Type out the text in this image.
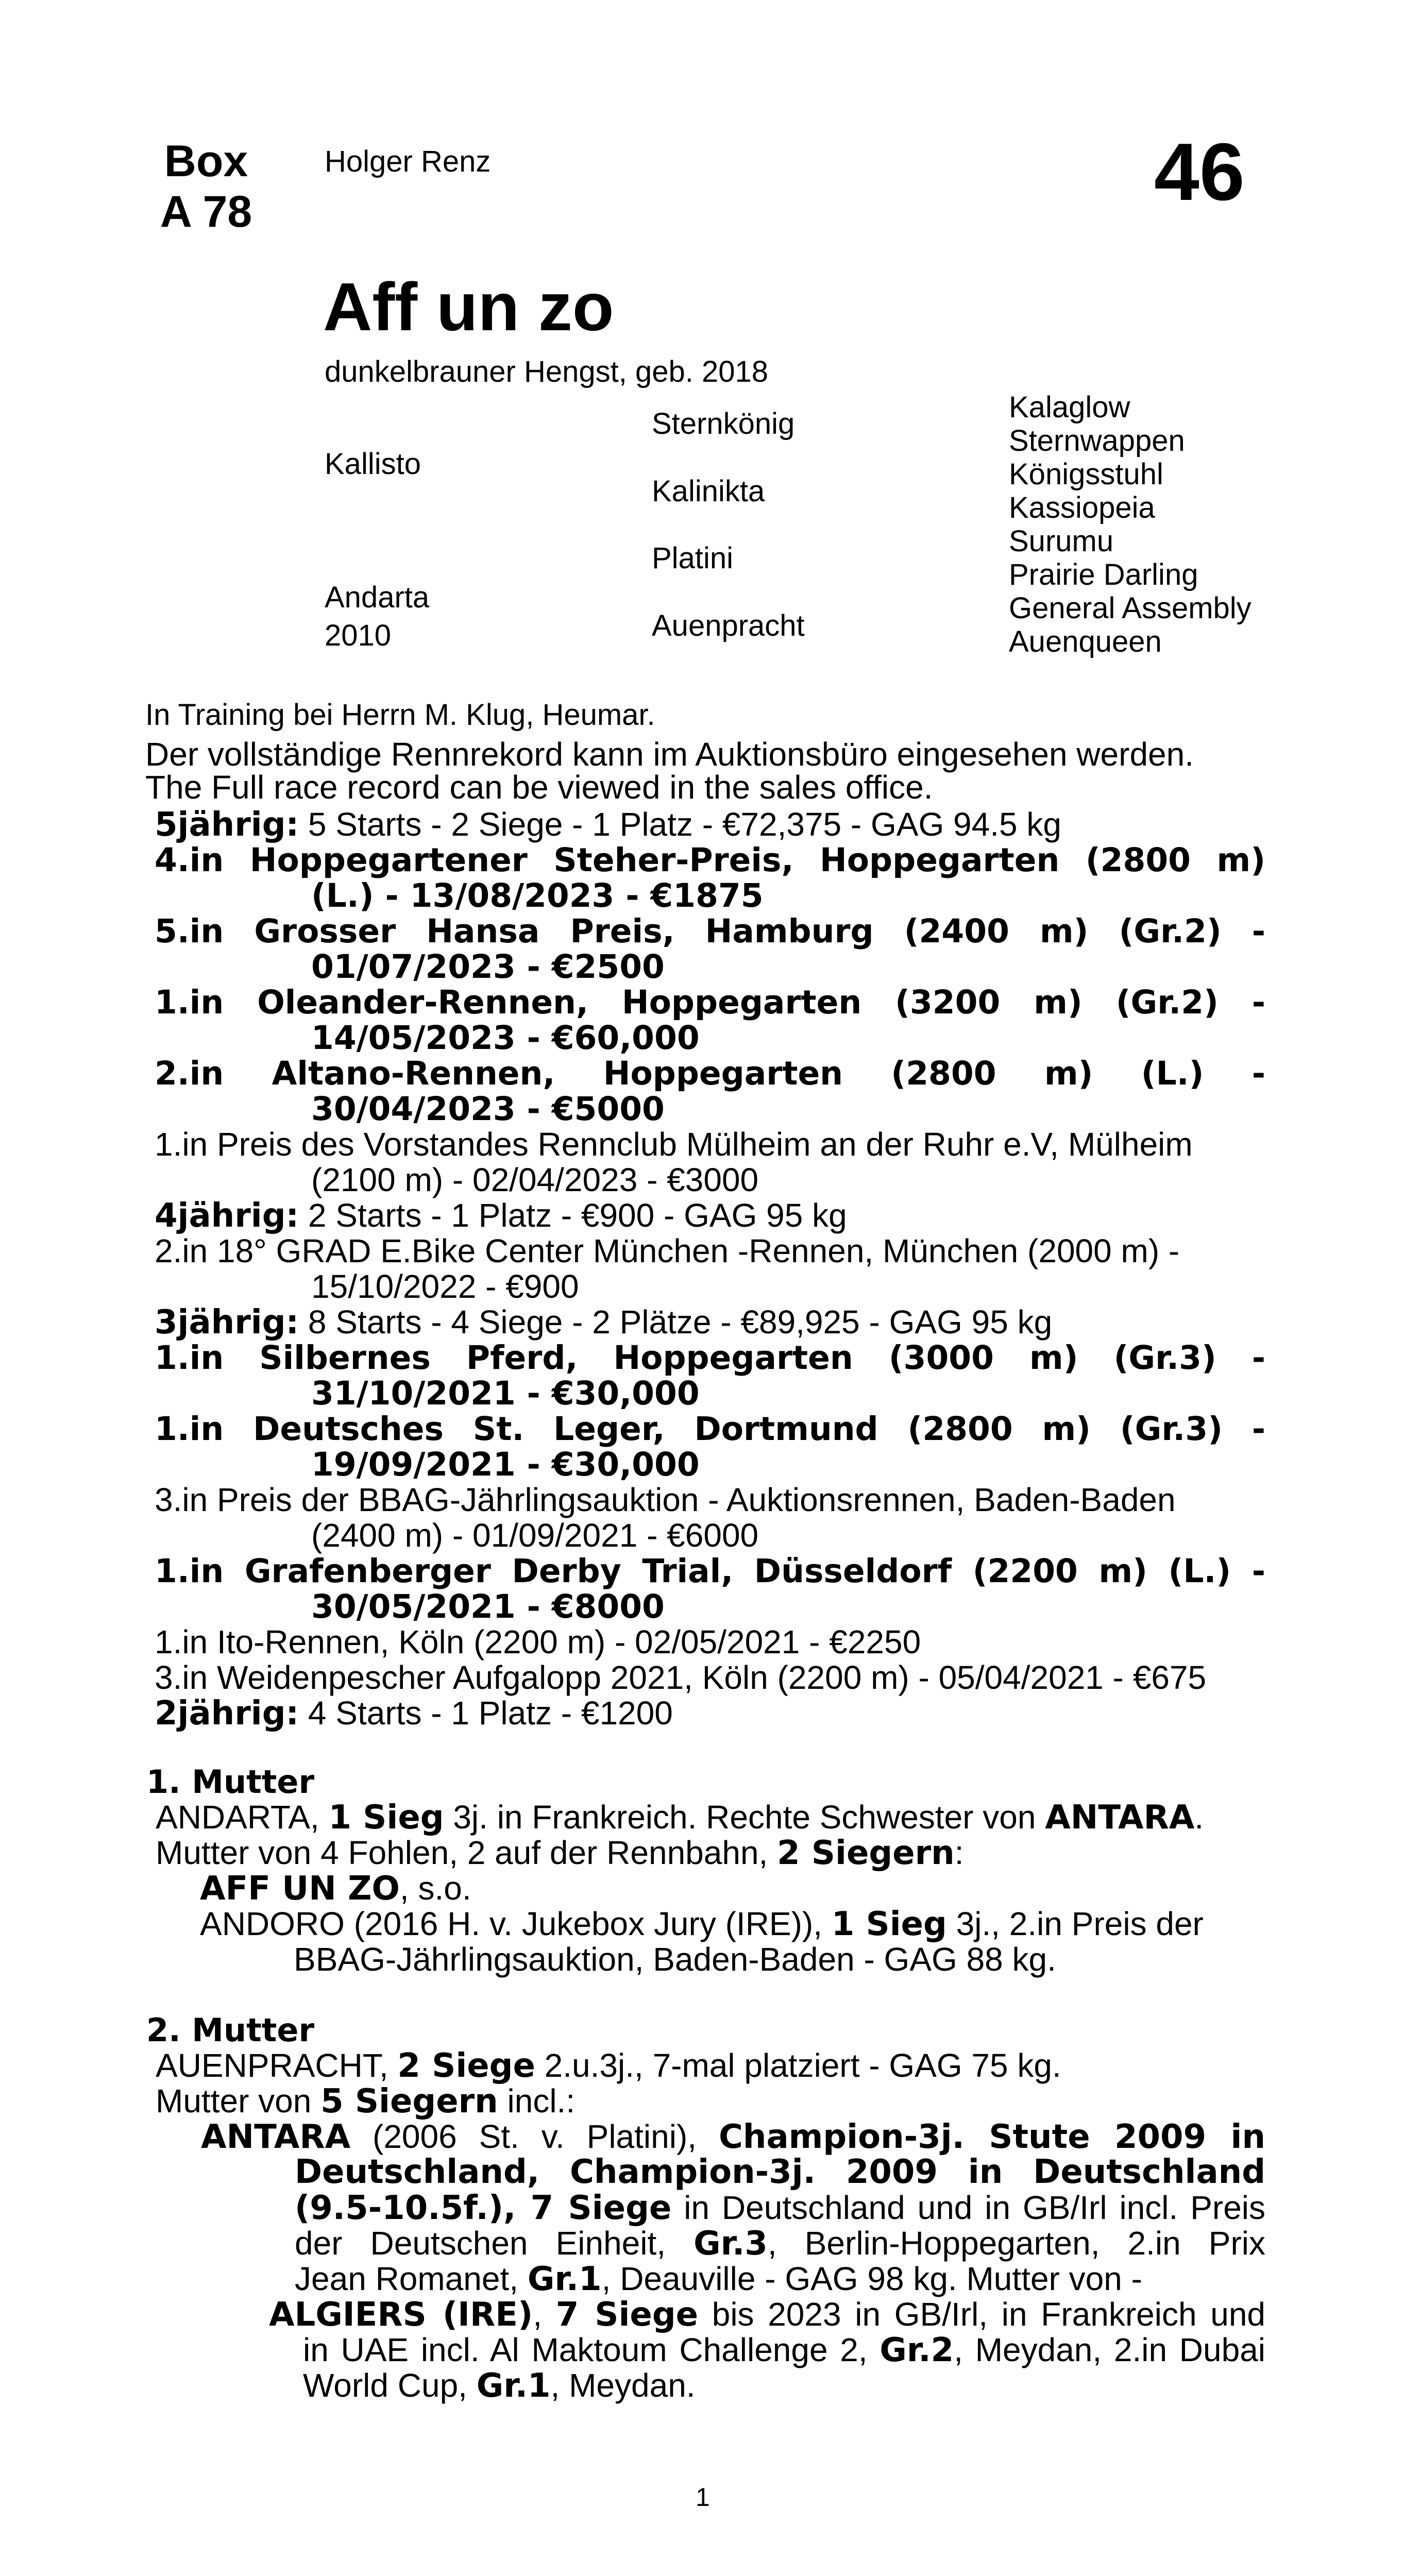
Box
A 78
Holger Renz	46
Aff un zo
dunkelbrauner Hengst, geb. 2018
Kallisto
Andarta
2010
Sternkönig
Kalinikta
Platini
Auenpracht
Kalaglow
Sternwappen
Königsstuhl
Kassiopeia
Surumu
Prairie Darling
General Assembly
Auenqueen
In Training bei Herrn M. Klug, Heumar.
Der vollständige Rennrekord kann im Auktionsbüro eingesehen werden.
The Full race record can be viewed in the sales office.
5jährig: 5 Starts - 2 Siege - 1 Platz - €72,375 - GAG 94.5 kg
4.in Hoppegartener Steher-Preis, Hoppegarten (2800 m)
(L.) - 13/08/2023 - €1875
5.in Grosser Hansa Preis, Hamburg (2400 m) (Gr.2) -
01/07/2023 - €2500
1.in Oleander-Rennen, Hoppegarten (3200 m) (Gr.2) -
14/05/2023 - €60,000
2.in Altano-Rennen, Hoppegarten (2800 m) (L.) -
30/04/2023 - €5000
1.in Preis des Vorstandes Rennclub Mülheim an der Ruhr e.V, Mülheim
(2100 m) - 02/04/2023 - €3000
4jährig: 2 Starts - 1 Platz - €900 - GAG 95 kg
2.in 18° GRAD E.Bike Center München -Rennen, München (2000 m) -
15/10/2022 - €900
3jährig: 8 Starts - 4 Siege - 2 Plätze - €89,925 - GAG 95 kg
1.in Silbernes Pferd, Hoppegarten (3000 m) (Gr.3) -
31/10/2021 - €30,000
1.in Deutsches St. Leger, Dortmund (2800 m) (Gr.3) -
19/09/2021 - €30,000
3.in Preis der BBAG-Jährlingsauktion - Auktionsrennen, Baden-Baden
(2400 m) - 01/09/2021 - €6000
1.in Grafenberger Derby Trial, Düsseldorf (2200 m) (L.) -
30/05/2021 - €8000
1.in Ito-Rennen, Köln (2200 m) - 02/05/2021 - €2250
3.in Weidenpescher Aufgalopp 2021, Köln (2200 m) - 05/04/2021 - €675
2jährig: 4 Starts - 1 Platz - €1200
1. Mutter
ANDARTA, 1 Sieg 3j. in Frankreich. Rechte Schwester von ANTARA.
Mutter von 4 Fohlen, 2 auf der Rennbahn, 2 Siegern:
AFF UN ZO, s.o.
ANDORO (2016 H. v. Jukebox Jury (IRE)), 1 Sieg 3j., 2.in Preis der
BBAG-Jährlingsauktion, Baden-Baden - GAG 88 kg.
2. Mutter
AUENPRACHT, 2 Siege 2.u.3j., 7-mal platziert - GAG 75 kg.
Mutter von 5 Siegern incl.:
ANTARA (2006 St. v. Platini), Champion-3j. Stute 2009 in
Deutschland, Champion-3j. 2009 in Deutschland
(9.5-10.5f.), 7 Siege in Deutschland und in GB/Irl incl. Preis
der Deutschen Einheit, Gr.3, Berlin-Hoppegarten, 2.in Prix
Jean Romanet, Gr.1, Deauville - GAG 98 kg. Mutter von -
ALGIERS (IRE), 7 Siege bis 2023 in GB/Irl, in Frankreich und
in UAE incl. Al Maktoum Challenge 2, Gr.2, Meydan, 2.in Dubai
World Cup, Gr.1, Meydan.
1
